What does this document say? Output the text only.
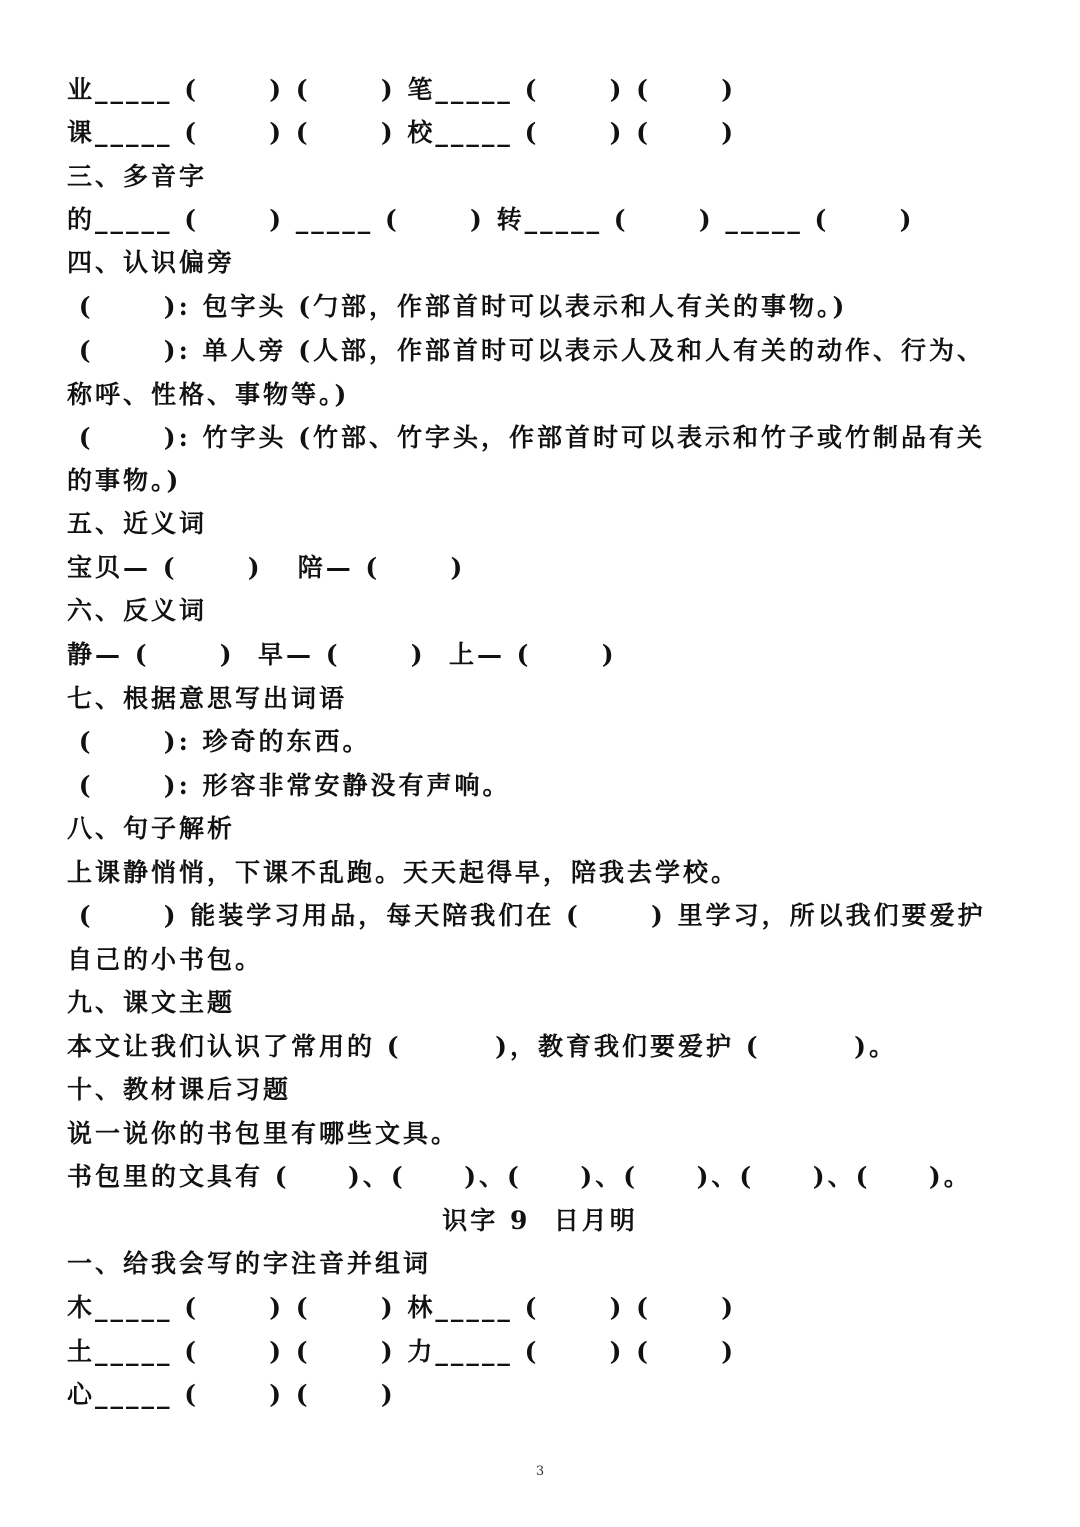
业_____ (      ) (      ) 笔_____ (      ) (      )
课_____ (      ) (      ) 校_____ (      ) (      )
三、多音字
的_____ (      ) _____ (      ) 转_____ (      ) _____ (      )
四、认识偏旁
(      ): 包字头 (勹部，作部首时可以表示和人有关的事物。)
(      ): 单人旁 (人部，作部首时可以表示人及和人有关的动作、行为、
称呼、性格、事物等。)
(      ): 竹字头 (竹部、竹字头，作部首时可以表示和竹子或竹制品有关
的事物。)
五、近义词
宝贝— (      )   陪— (      )
六、反义词
静— (      )  早— (      )  上— (      )
七、根据意思写出词语
(      ): 珍奇的东西。
(      ): 形容非常安静没有声响。
八、句子解析
上课静悄悄，下课不乱跑。天天起得早，陪我去学校。
(      ) 能装学习用品，每天陪我们在 (      ) 里学习，所以我们要爱护
自己的小书包。
九、课文主题
本文让我们认识了常用的 (        )，教育我们要爱护 (        )。
十、教材课后习题
说一说你的书包里有哪些文具。
书包里的文具有 (     )、(     )、(     )、(     )、(     )、(     )。
识字 9  日月明
一、给我会写的字注音并组词
木_____ (      ) (      ) 林_____ (      ) (      )
土_____ (      ) (      ) 力_____ (      ) (      )
心_____ (      ) (      )
3
